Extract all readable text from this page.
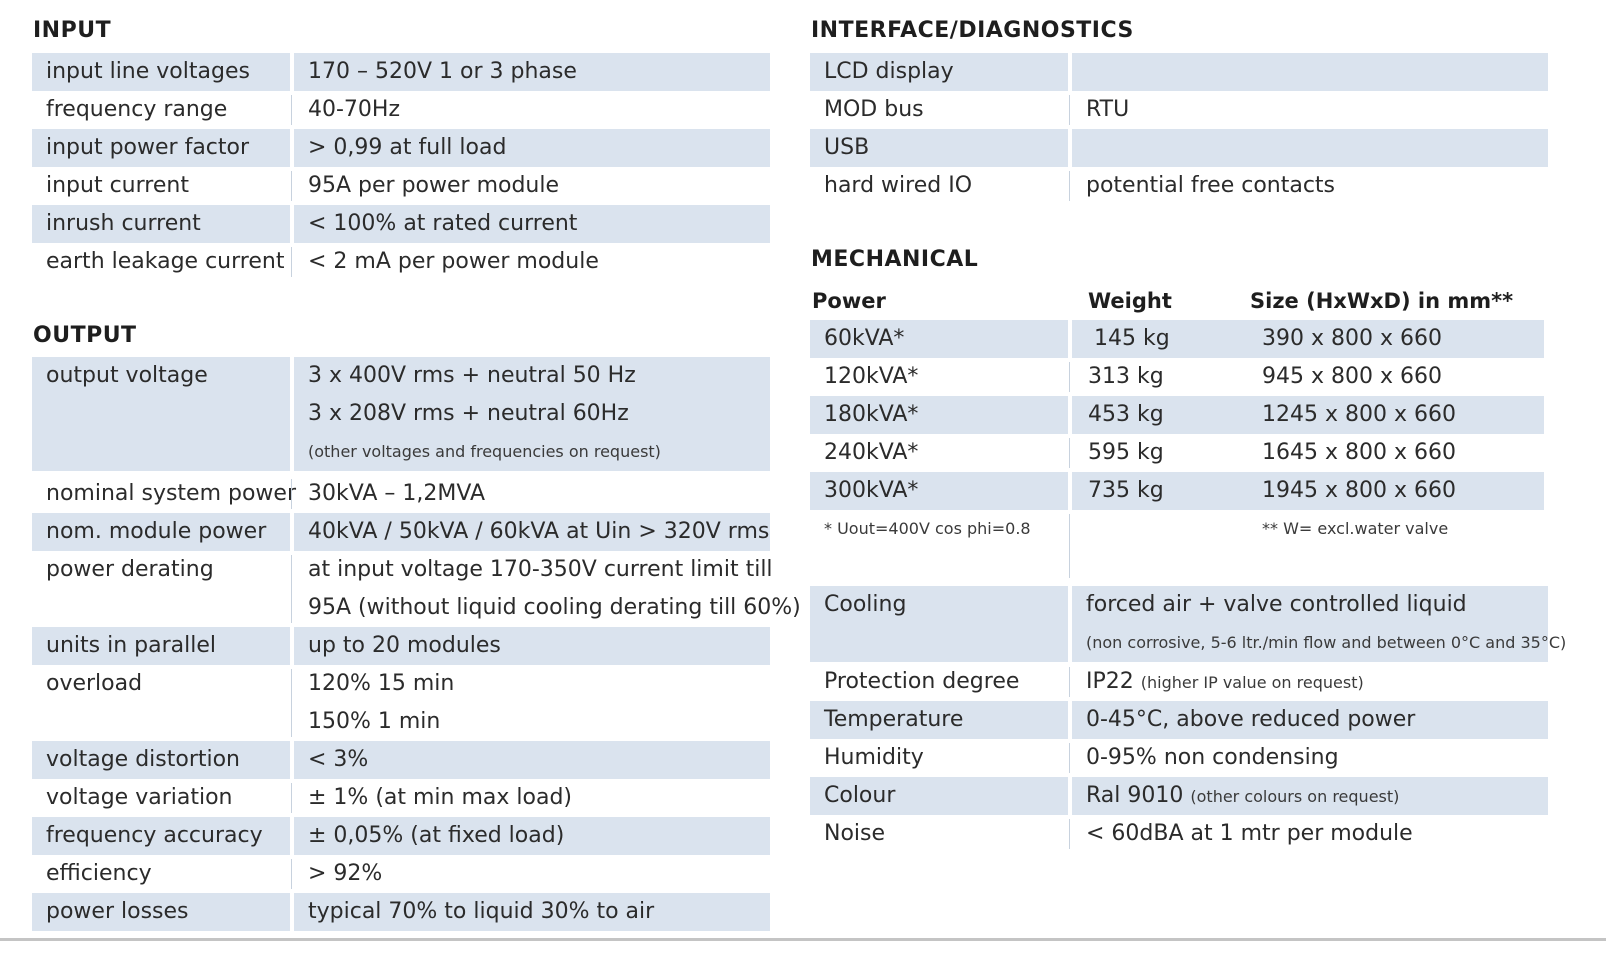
INPUT
input line voltages	170 – 520V 1 or 3 phase
frequency range	40-70Hz
input power factor	> 0,99 at full load
input current	95A per power module
inrush current	< 100% at rated current
earth leakage current	< 2 mA per power module
OUTPUT
output voltage	3 x 400V rms + neutral 50 Hz
3 x 208V rms + neutral 60Hz
(other voltages and frequencies on request)
nominal system power 30kVA – 1,2MVA
nom. module power	40kVA / 50kVA / 60kVA at Uin > 320V rms
power derating	at input voltage 170-350V current limit till
95A (without liquid cooling derating till 60%)
units in parallel	up to 20 modules
overload	120% 15 min
150% 1 min
voltage distortion	< 3%
voltage variation	± 1% (at min max load)
frequency accuracy	± 0,05% (at fixed load)
efficiency	> 92%
power losses	typical 70% to liquid 30% to air
INTERFACE/DIAGNOSTICS
LCD display
MOD bus	RTU
USB
hard wired IO	potential free contacts
MECHANICAL
Power	Weight	Size (HxWxD) in mm**
60kVA*	145 kg	390 x 800 x 660
120kVA*	313 kg	945 x 800 x 660
180kVA*	453 kg	1245 x 800 x 660
240kVA*	595 kg	1645 x 800 x 660
300kVA*	735 kg	1945 x 800 x 660
* Uout=400V cos phi=0.8	** W= excl.water valve
Cooling	forced air + valve controlled liquid
(non corrosive, 5-6 ltr./min flow and between 0°C and 35°C)
Protection degree	IP22 (higher IP value on request)
Temperature	0-45°C, above reduced power
Humidity	0-95% non condensing
Colour	Ral 9010 (other colours on request)
Noise	< 60dBA at 1 mtr per module
